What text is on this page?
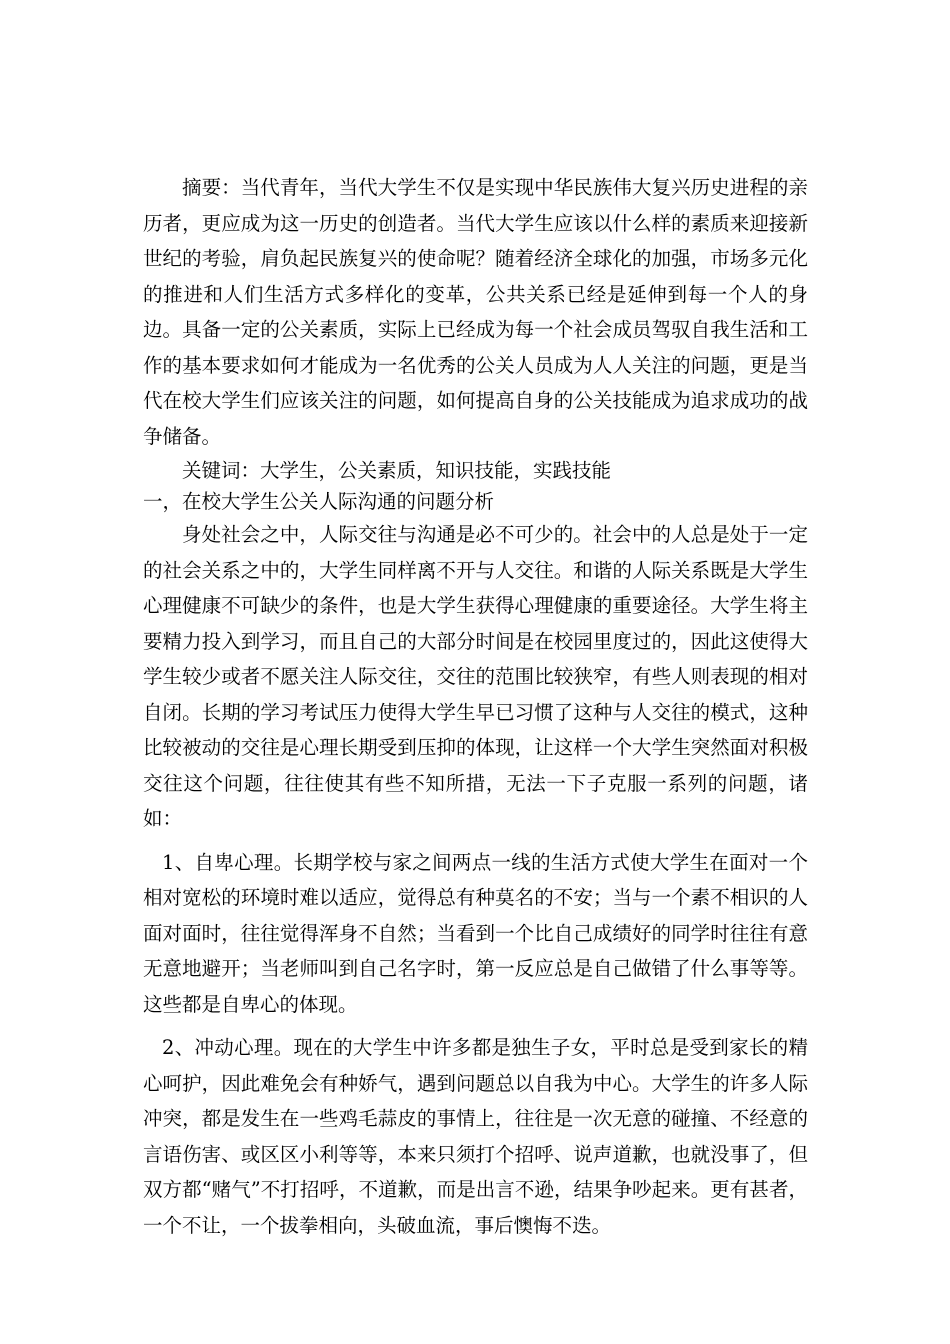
摘要：当代青年，当代大学生不仅是实现中华民族伟大复兴历史进程的亲历者，更应成为这一历史的创造者。当代大学生应该以什么样的素质来迎接新世纪的考验，肩负起民族复兴的使命呢？随着经济全球化的加强，市场多元化的推进和人们生活方式多样化的变革，公共关系已经是延伸到每一个人的身边。具备一定的公关素质，实际上已经成为每一个社会成员驾驭自我生活和工作的基本要求如何才能成为一名优秀的公关人员成为人人关注的问题，更是当代在校大学生们应该关注的问题，如何提高自身的公关技能成为追求成功的战争储备。

关键词：大学生，公关素质，知识技能，实践技能

一，在校大学生公关人际沟通的问题分析

身处社会之中，人际交往与沟通是必不可少的。社会中的人总是处于一定的社会关系之中的，大学生同样离不开与人交往。和谐的人际关系既是大学生心理健康不可缺少的条件，也是大学生获得心理健康的重要途径。大学生将主要精力投入到学习，而且自己的大部分时间是在校园里度过的，因此这使得大学生较少或者不愿关注人际交往，交往的范围比较狭窄，有些人则表现的相对自闭。长期的学习考试压力使得大学生早已习惯了这种与人交往的模式，这种比较被动的交往是心理长期受到压抑的体现，让这样一个大学生突然面对积极交往这个问题，往往使其有些不知所措，无法一下子克服一系列的问题，诸如：

1、自卑心理。长期学校与家之间两点一线的生活方式使大学生在面对一个相对宽松的环境时难以适应，觉得总有种莫名的不安；当与一个素不相识的人面对面时，往往觉得浑身不自然；当看到一个比自己成绩好的同学时往往有意无意地避开；当老师叫到自己名字时，第一反应总是自己做错了什么事等等。这些都是自卑心的体现。

2、冲动心理。现在的大学生中许多都是独生子女，平时总是受到家长的精心呵护，因此难免会有种娇气，遇到问题总以自我为中心。大学生的许多人际冲突，都是发生在一些鸡毛蒜皮的事情上，往往是一次无意的碰撞、不经意的言语伤害、或区区小利等等，本来只须打个招呼、说声道歉，也就没事了，但双方都“赌气”不打招呼，不道歉，而是出言不逊，结果争吵起来。更有甚者，一个不让，一个拔拳相向，头破血流，事后懊悔不迭。
